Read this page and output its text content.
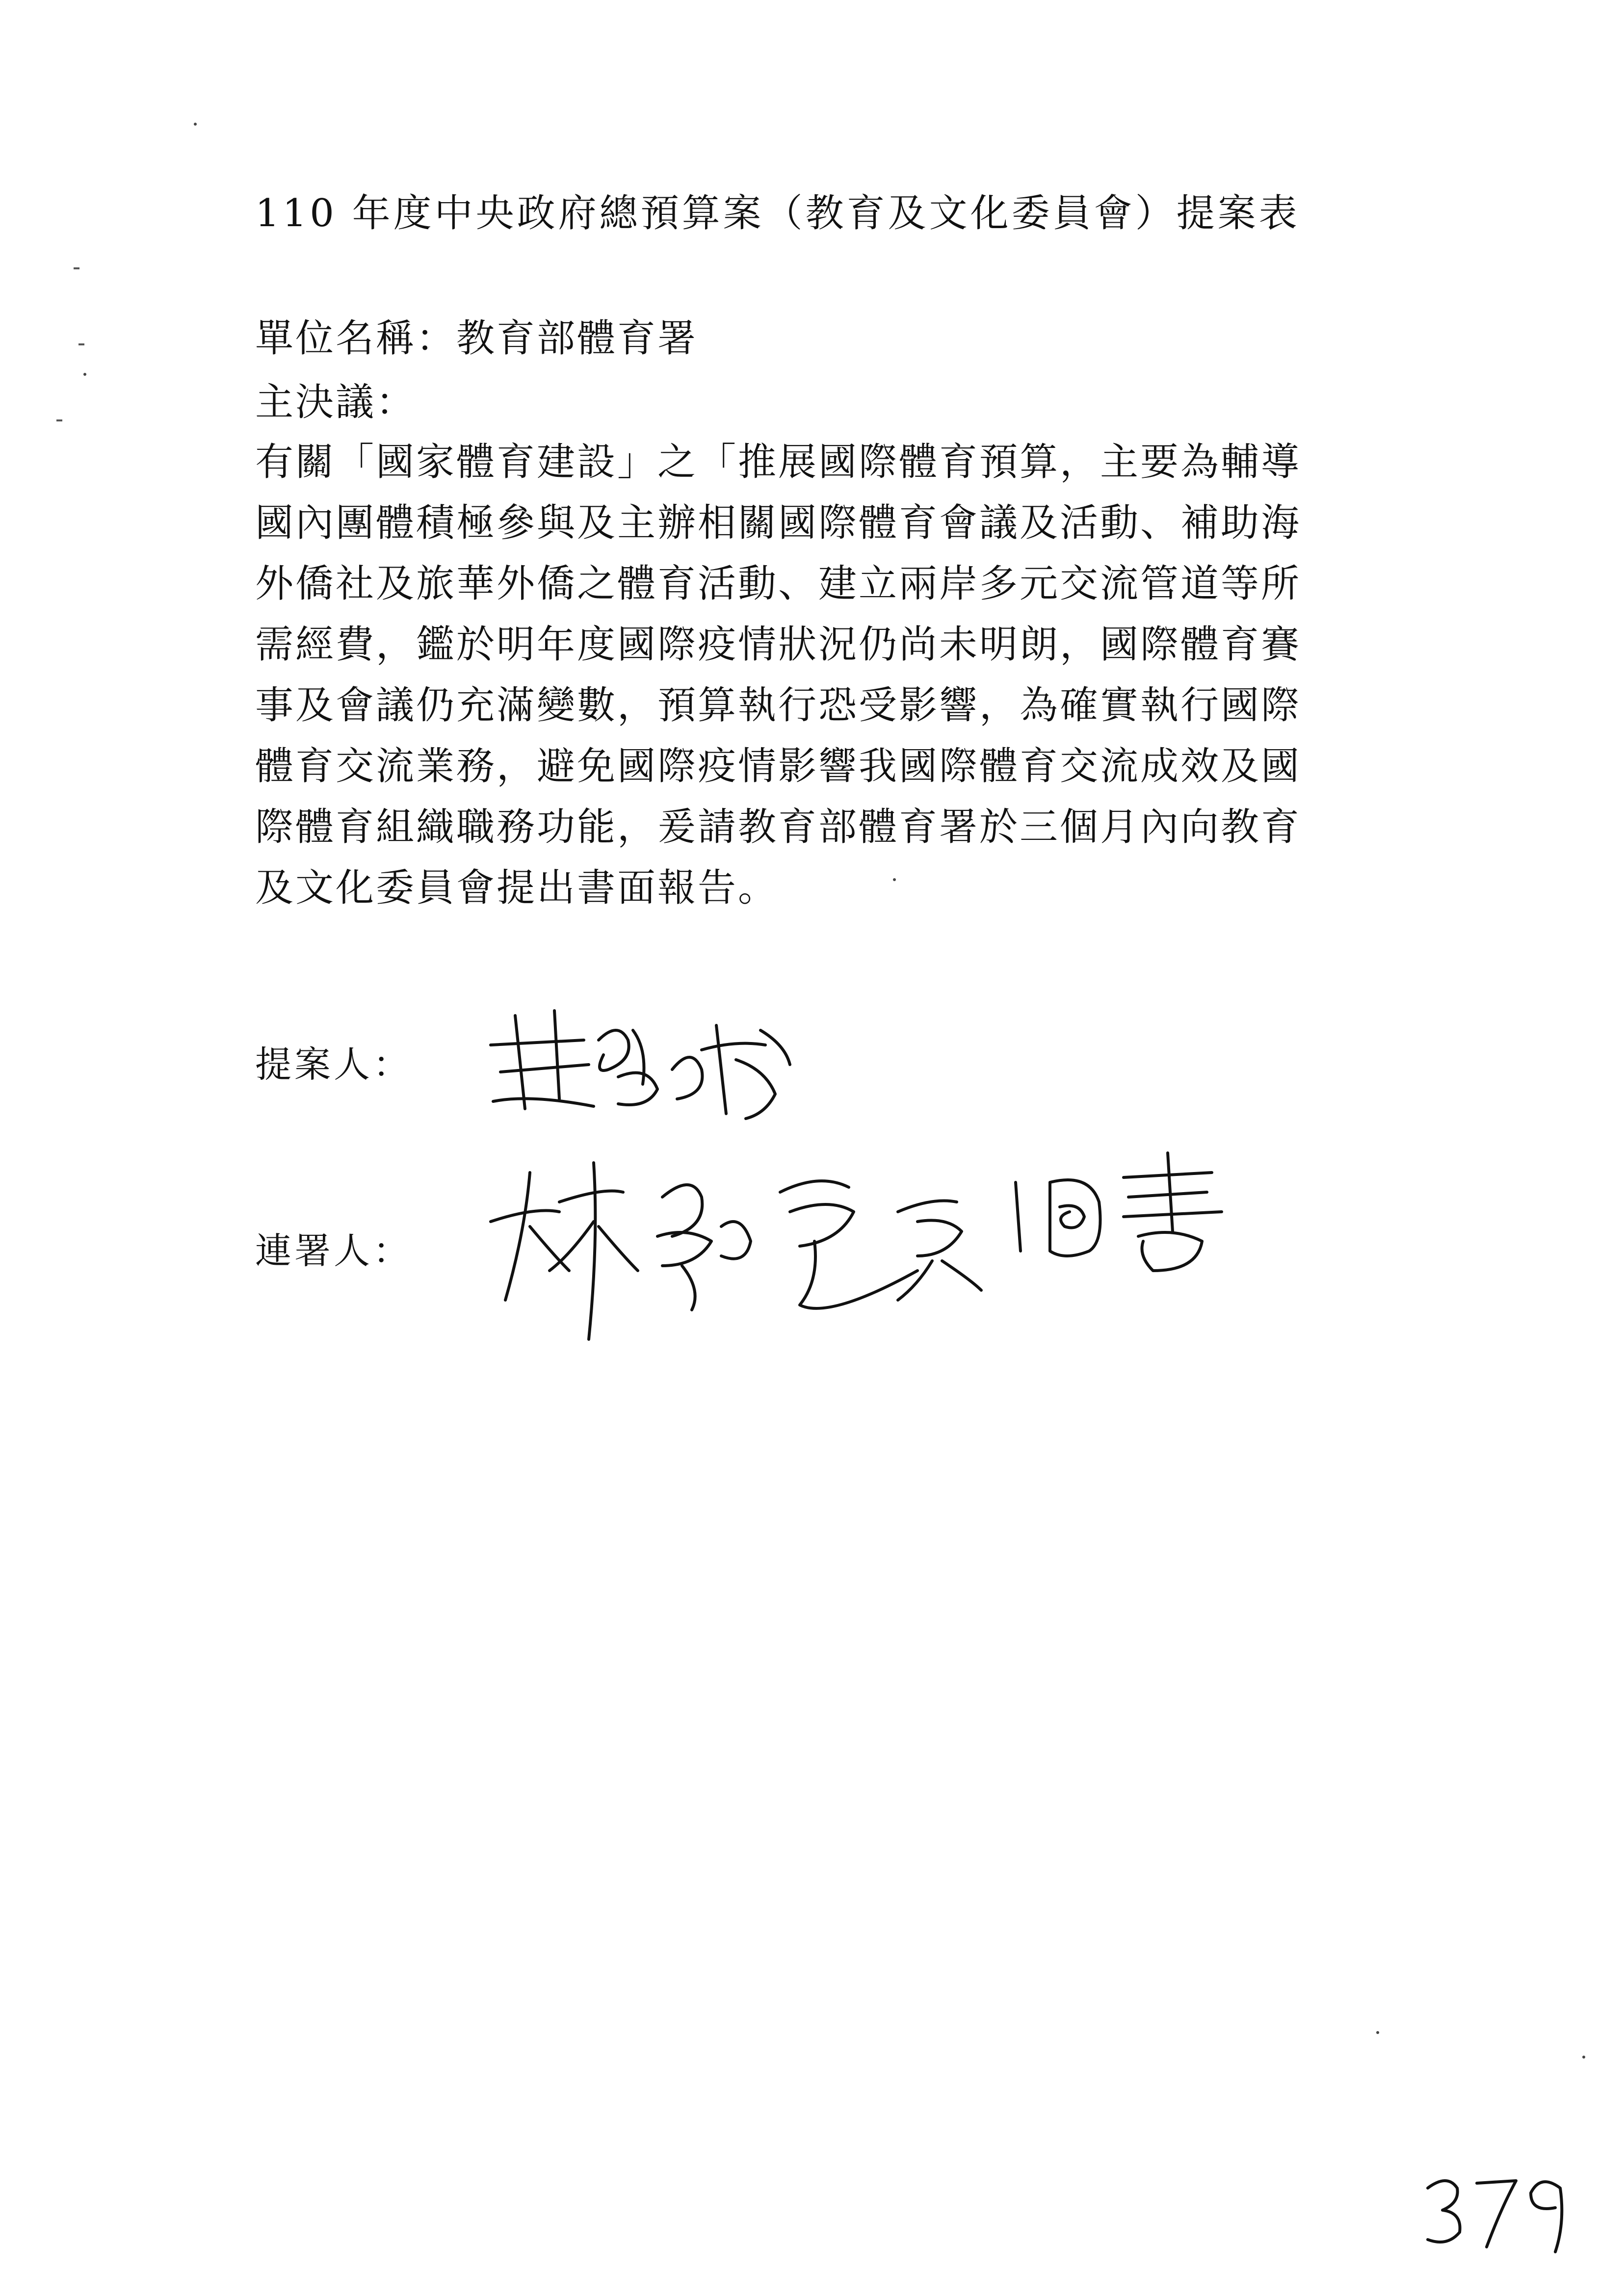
110 年度中央政府總預算案（教育及文化委員會）提案表
單位名稱：教育部體育署
主決議：
有關「國家體育建設」之「推展國際體育預算，主要為輔導
國內團體積極參與及主辦相關國際體育會議及活動、補助海
外僑社及旅華外僑之體育活動、建立兩岸多元交流管道等所
需經費，鑑於明年度國際疫情狀況仍尚未明朗，國際體育賽
事及會議仍充滿變數，預算執行恐受影響，為確實執行國際
體育交流業務，避免國際疫情影響我國際體育交流成效及國
際體育組織職務功能，爰請教育部體育署於三個月內向教育
及文化委員會提出書面報告。
提案人：
連署人：
